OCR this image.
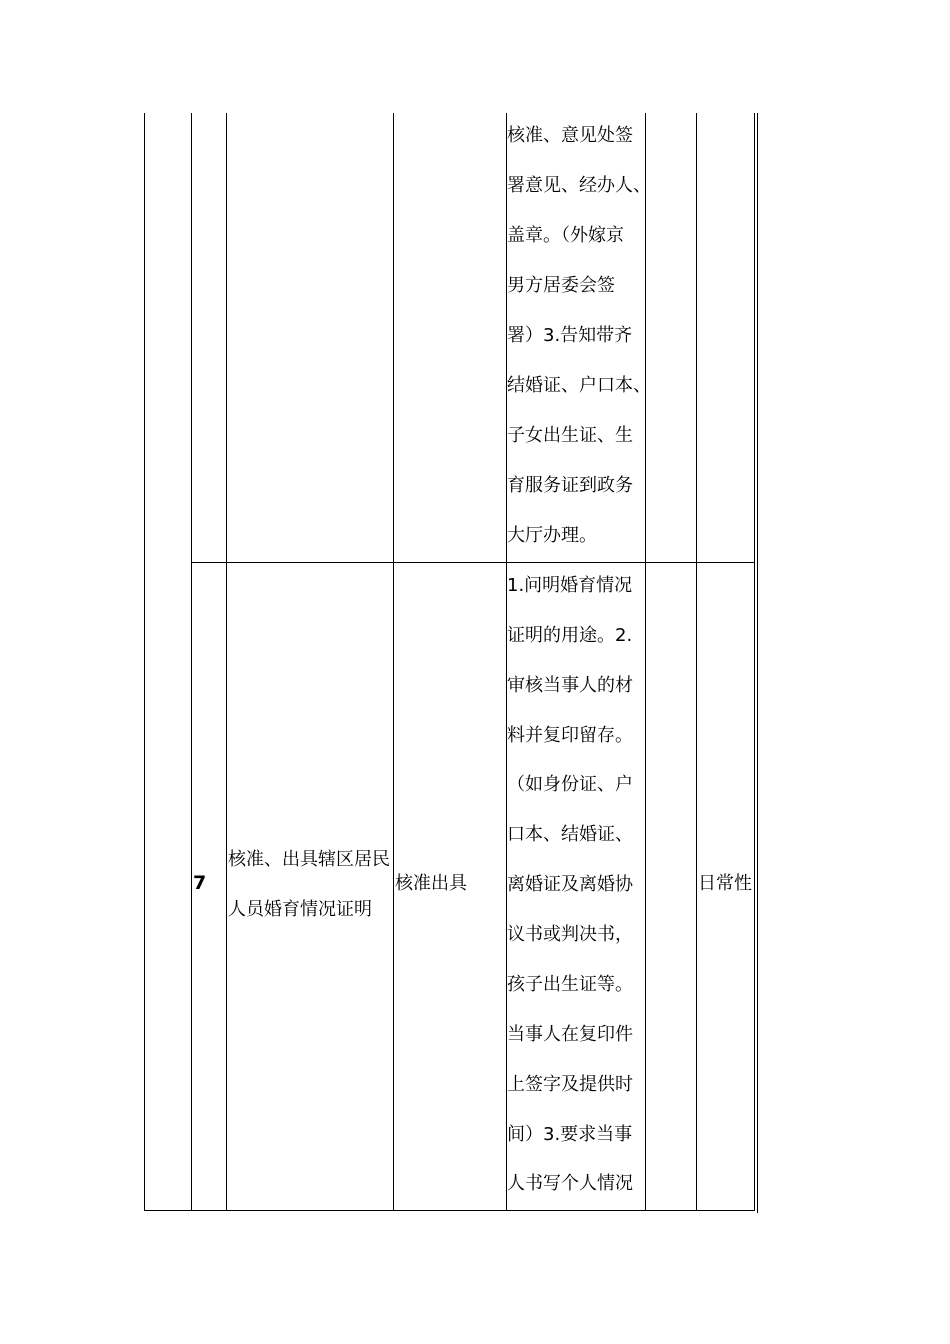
核准、意见处签
署意见、经办人、
盖章。（外嫁京
男方居委会签
署）3.告知带齐
结婚证、户口本、
子女出生证、生
育服务证到政务
大厅办理。
7
核准、出具辖区居民
人员婚育情况证明
核准出具
1.问明婚育情况
证明的用途。2.
审核当事人的材
料并复印留存。
（如身份证、户
口本、结婚证、
离婚证及离婚协
议书或判决书，
孩子出生证等。
当事人在复印件
上签字及提供时
间）3.要求当事
人书写个人情况
日常性
